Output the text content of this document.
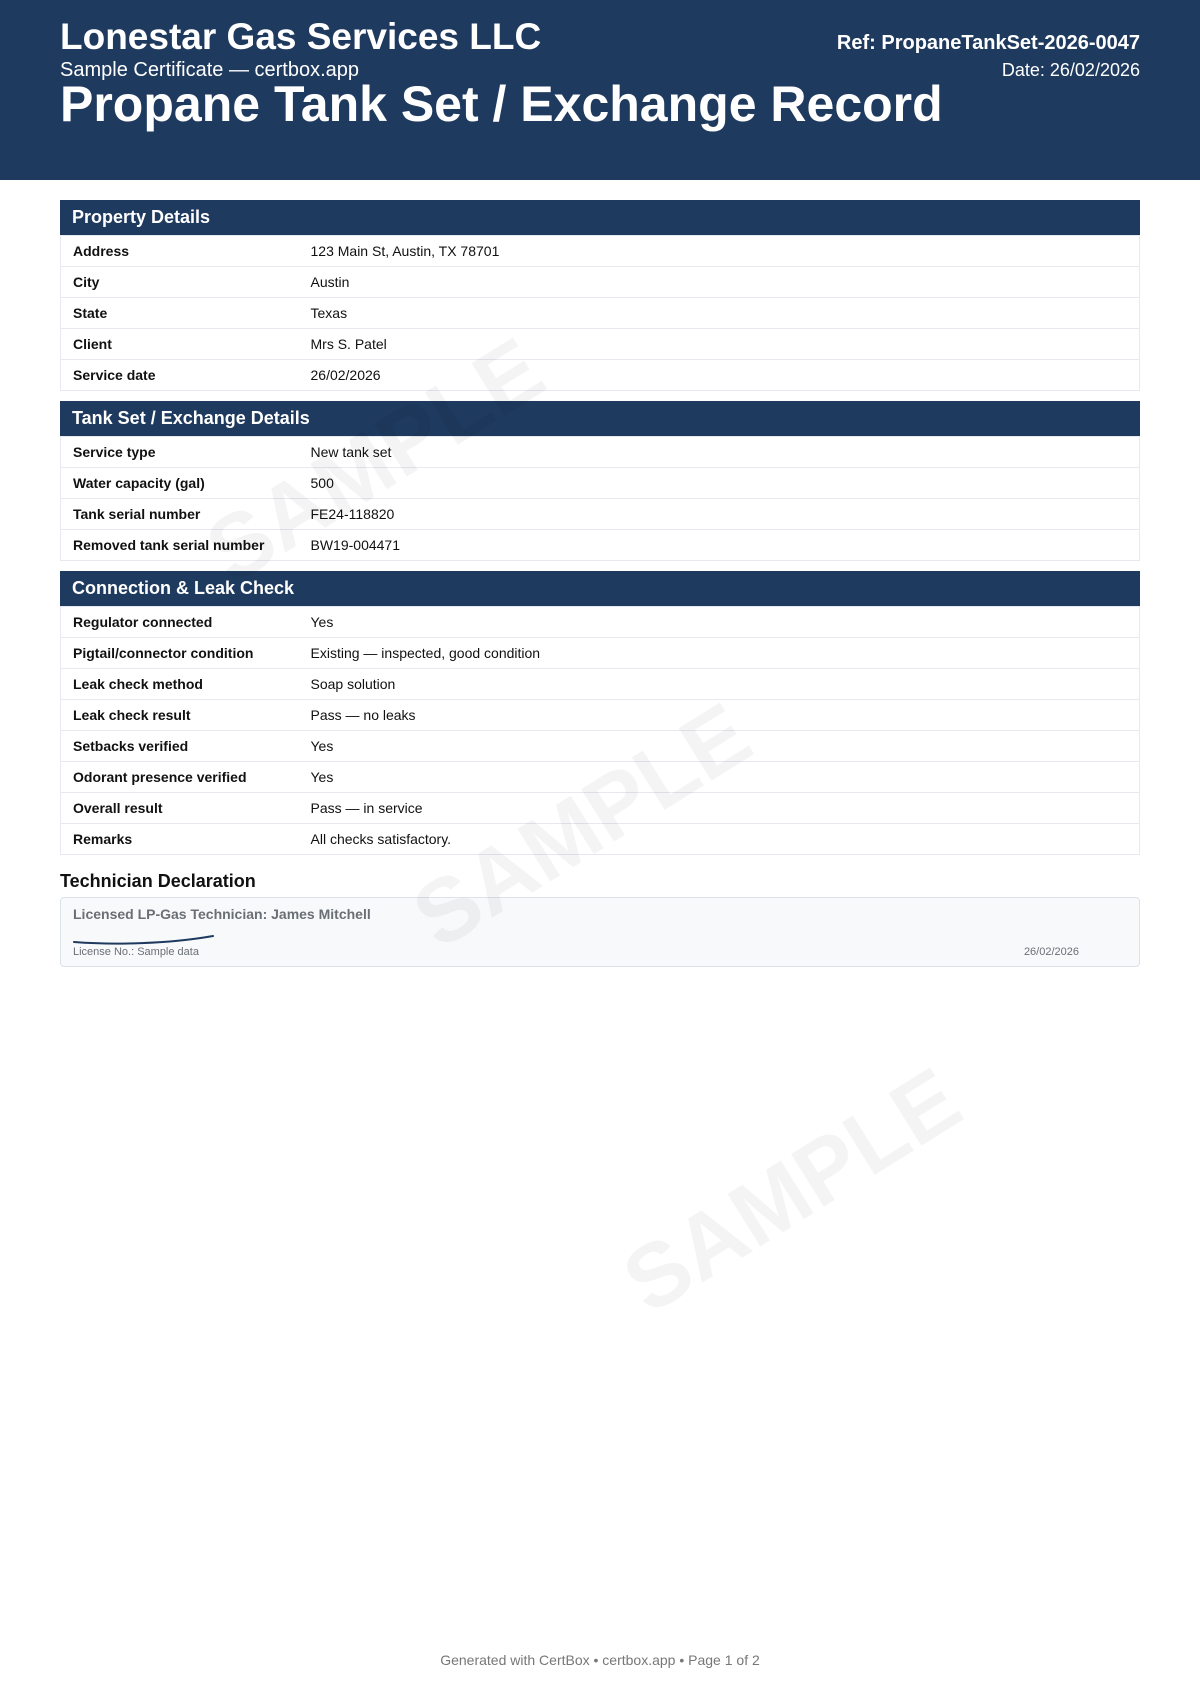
Lonestar Gas Services LLC
Sample Certificate — certbox.app
Propane Tank Set / Exchange Record
Ref: PropaneTankSet-2026-0047
Date: 26/02/2026
Property Details
Address	123 Main St, Austin, TX 78701
City	Austin
State	Texas
Client	Mrs S. Patel
Service date	26/02/2026
Tank Set / Exchange Details
Service type	New tank set
Water capacity (gal)	500
Tank serial number	FE24-118820
Removed tank serial number	BW19-004471
Connection & Leak Check
Regulator connected	Yes
Pigtail/connector condition	Existing — inspected, good condition
Leak check method	Soap solution
Leak check result	Pass — no leaks
Setbacks verified	Yes
Odorant presence verified	Yes
Overall result	Pass — in service
Remarks	All checks satisfactory.
Technician Declaration
Licensed LP-Gas Technician: James Mitchell
License No.: Sample data	26/02/2026
Generated with CertBox • certbox.app • Page 1 of 2
